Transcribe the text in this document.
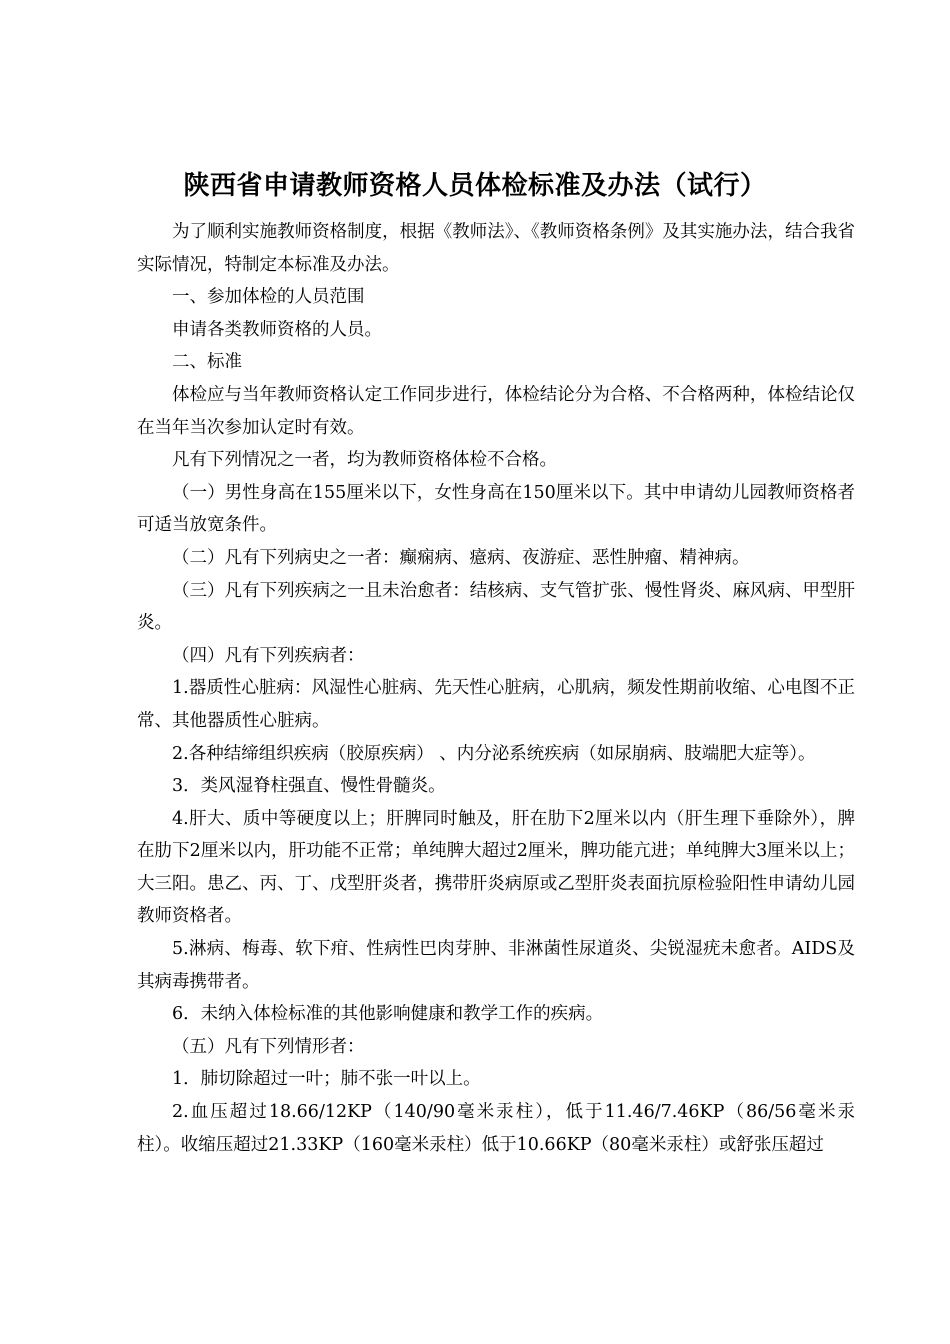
陕西省申请教师资格人员体检标准及办法（试行）

为了顺利实施教师资格制度，根据《教师法》、《教师资格条例》及其实施办法，结合我省实际情况，特制定本标准及办法。

一、参加体检的人员范围

申请各类教师资格的人员。

二、标准

体检应与当年教师资格认定工作同步进行，体检结论分为合格、不合格两种，体检结论仅在当年当次参加认定时有效。

凡有下列情况之一者，均为教师资格体检不合格。

（一）男性身高在155厘米以下，女性身高在150厘米以下。其中申请幼儿园教师资格者可适当放宽条件。

（二）凡有下列病史之一者：癫痫病、癔病、夜游症、恶性肿瘤、精神病。

（三）凡有下列疾病之一且未治愈者：结核病、支气管扩张、慢性肾炎、麻风病、甲型肝炎。

（四）凡有下列疾病者：

1.器质性心脏病：风湿性心脏病、先天性心脏病，心肌病，频发性期前收缩、心电图不正常、其他器质性心脏病。

2.各种结缔组织疾病（胶原疾病） 、内分泌系统疾病（如尿崩病、肢端肥大症等）。

3．类风湿脊柱强直、慢性骨髓炎。

4.肝大、质中等硬度以上；肝脾同时触及，肝在肋下2厘米以内（肝生理下垂除外），脾在肋下2厘米以内，肝功能不正常；单纯脾大超过2厘米，脾功能亢进；单纯脾大3厘米以上；大三阳。患乙、丙、丁、戊型肝炎者，携带肝炎病原或乙型肝炎表面抗原检验阳性申请幼儿园教师资格者。

5.淋病、梅毒、软下疳、性病性巴肉芽肿、非淋菌性尿道炎、尖锐湿疣未愈者。AIDS及其病毒携带者。

6．未纳入体检标准的其他影响健康和教学工作的疾病。

（五）凡有下列情形者：

1．肺切除超过一叶；肺不张一叶以上。

2.血压超过18.66/12KP（140/90毫米汞柱），低于11.46/7.46KP（86/56毫米汞柱）。收缩压超过21.33KP（160毫米汞柱）低于10.66KP（80毫米汞柱）或舒张压超过
